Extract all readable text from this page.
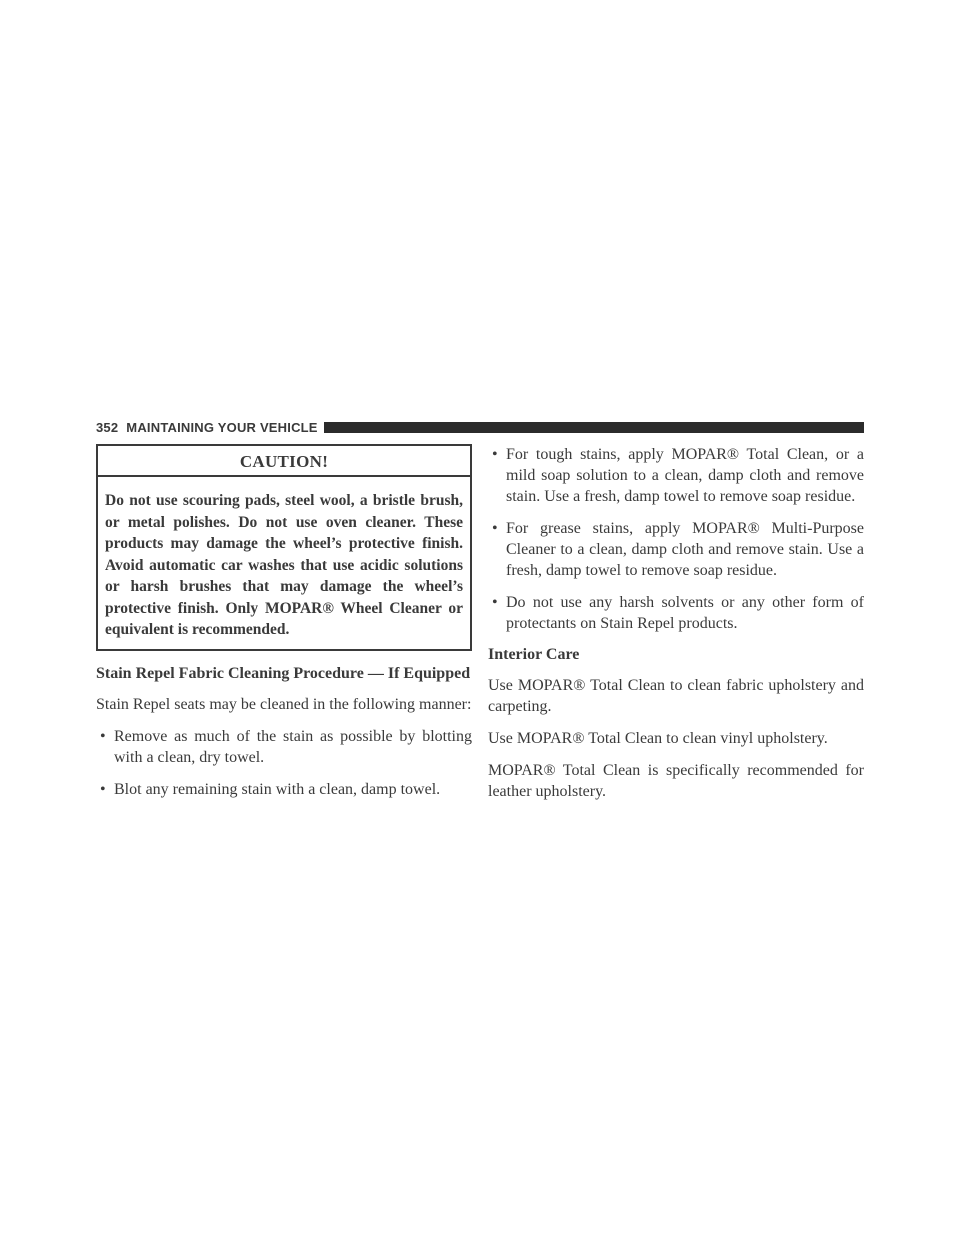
352 MAINTAINING YOUR VEHICLE
CAUTION!
Do not use scouring pads, steel wool, a bristle brush, or metal polishes. Do not use oven cleaner. These products may damage the wheel’s protective finish. Avoid automatic car washes that use acidic solutions or harsh brushes that may damage the wheel’s protective finish. Only MOPAR® Wheel Cleaner or equivalent is recommended.
Stain Repel Fabric Cleaning Procedure — If Equipped
Stain Repel seats may be cleaned in the following manner:
• Remove as much of the stain as possible by blotting with a clean, dry towel.
• Blot any remaining stain with a clean, damp towel.
• For tough stains, apply MOPAR® Total Clean, or a mild soap solution to a clean, damp cloth and remove stain. Use a fresh, damp towel to remove soap residue.
• For grease stains, apply MOPAR® Multi-Purpose Cleaner to a clean, damp cloth and remove stain. Use a fresh, damp towel to remove soap residue.
• Do not use any harsh solvents or any other form of protectants on Stain Repel products.
Interior Care
Use MOPAR® Total Clean to clean fabric upholstery and carpeting.
Use MOPAR® Total Clean to clean vinyl upholstery.
MOPAR® Total Clean is specifically recommended for leather upholstery.
